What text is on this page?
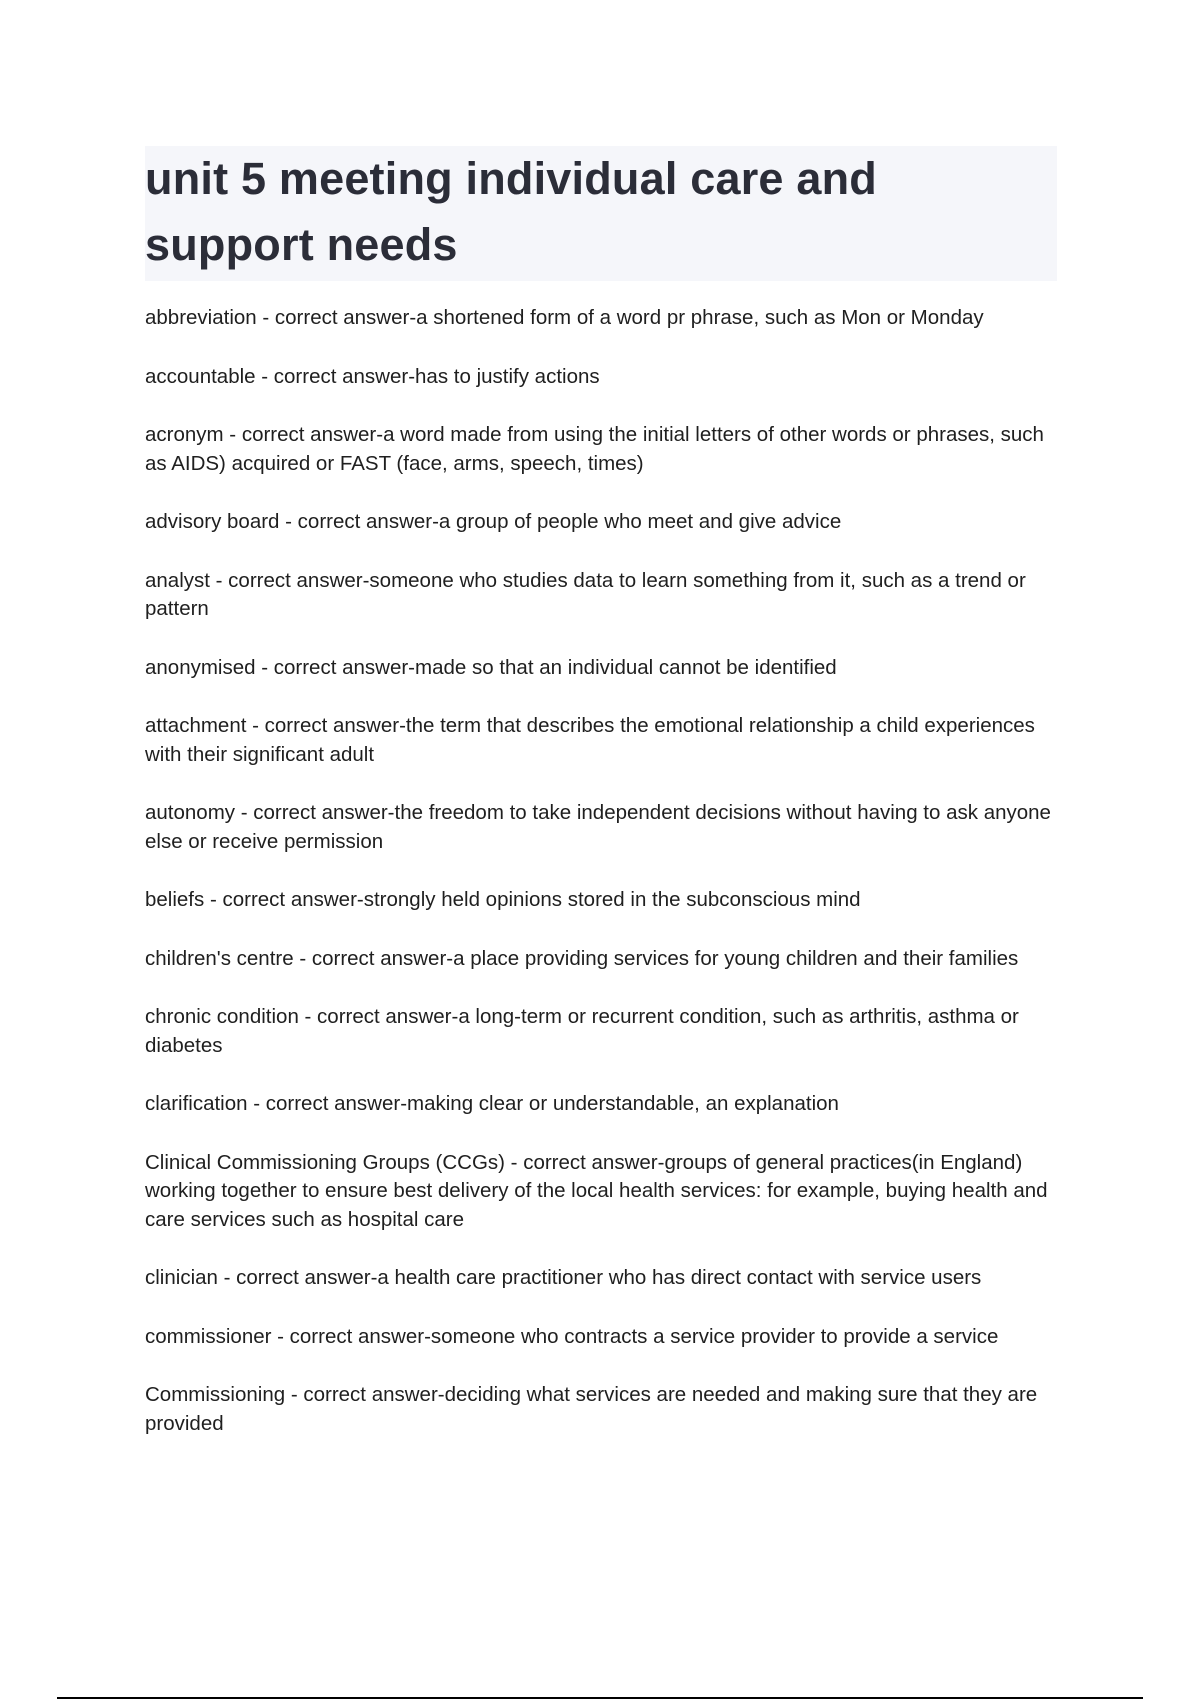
unit 5 meeting individual care and support needs
abbreviation - correct answer-a shortened form of a word pr phrase, such as Mon or Monday
accountable - correct answer-has to justify actions
acronym - correct answer-a word made from using the initial letters of other words or phrases, such as AIDS) acquired or FAST (face, arms, speech, times)
advisory board - correct answer-a group of people who meet and give advice
analyst - correct answer-someone who studies data to learn something from it, such as a trend or pattern
anonymised - correct answer-made so that an individual cannot be identified
attachment - correct answer-the term that describes the emotional relationship a child experiences with their significant adult
autonomy - correct answer-the freedom to take independent decisions without having to ask anyone else or receive permission
beliefs - correct answer-strongly held opinions stored in the subconscious mind
children's centre - correct answer-a place providing services for young children and their families
chronic condition - correct answer-a long-term or recurrent condition, such as arthritis, asthma or diabetes
clarification - correct answer-making clear or understandable, an explanation
Clinical Commissioning Groups (CCGs) - correct answer-groups of general practices(in England) working together to ensure best delivery of the local health services: for example, buying health and care services such as hospital care
clinician - correct answer-a health care practitioner who has direct contact with service users
commissioner - correct answer-someone who contracts a service provider to provide a service
Commissioning - correct answer-deciding what services are needed and making sure that they are provided
